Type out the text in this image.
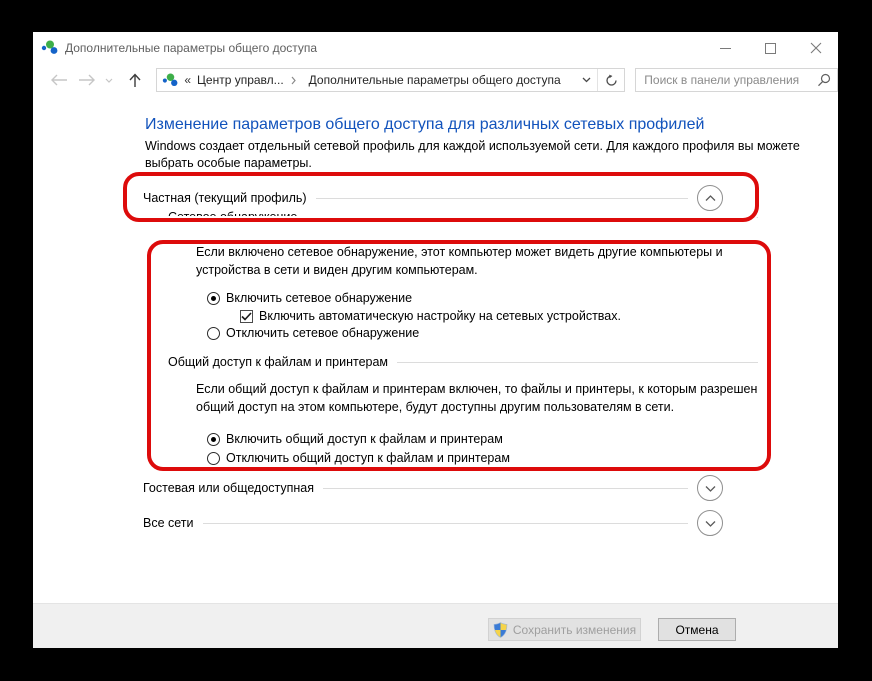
Дополнительные параметры общего доступа
« Центр управл... Дополнительные параметры общего доступа
Поиск в панели управления
Изменение параметров общего доступа для различных сетевых профилей
Windows создает отдельный сетевой профиль для каждой используемой сети. Для каждого профиля вы можете выбрать особые параметры.
Частная (текущий профиль)
Сетевое обнаружение
Если включено сетевое обнаружение, этот компьютер может видеть другие компьютеры и устройства в сети и виден другим компьютерам.
Включить сетевое обнаружение
Включить автоматическую настройку на сетевых устройствах.
Отключить сетевое обнаружение
Общий доступ к файлам и принтерам
Если общий доступ к файлам и принтерам включен, то файлы и принтеры, к которым разрешен общий доступ на этом компьютере, будут доступны другим пользователям в сети.
Включить общий доступ к файлам и принтерам
Отключить общий доступ к файлам и принтерам
Гостевая или общедоступная
Все сети
Сохранить изменения	Отмена
